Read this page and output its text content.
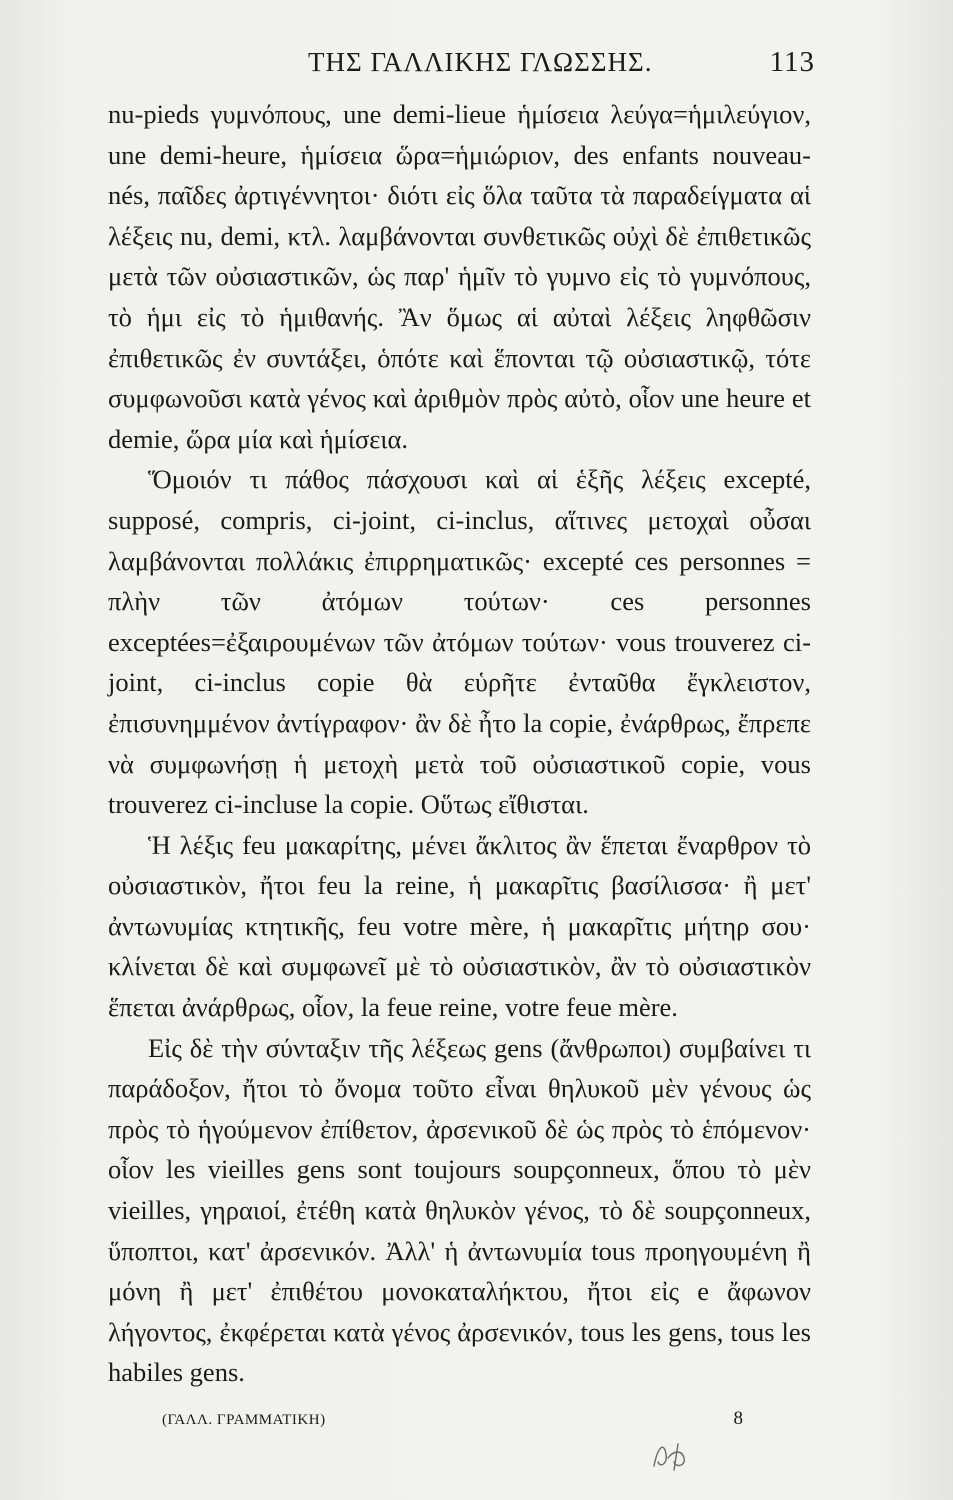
ΤΗΣ ΓΑΛΛΙΚΗΣ ΓΛΩΣΣΗΣ.	113

nu-pieds γυμνόπους, une demi-lieue ἡμίσεια λεύγα=ἡμιλεύγιον, une demi-heure, ἡμίσεια ὥρα=ἡμιώριον, des enfants nouveau-nés, παῖδες ἀρτιγέννητοι· διότι εἰς ὅλα ταῦτα τὰ παραδείγματα αἱ λέξεις nu, demi, κτλ. λαμβάνονται συνθετικῶς οὐχὶ δὲ ἐπιθετικῶς μετὰ τῶν οὐσιαστικῶν, ὡς παρ' ἡμῖν τὸ γυμνο εἰς τὸ γυμνόπους, τὸ ἡμι εἰς τὸ ἡμιθανής. Ἂν ὅμως αἱ αὐταὶ λέξεις ληφθῶσιν ἐπιθετικῶς ἐν συντάξει, ὁπότε καὶ ἕπονται τῷ οὐσιαστικῷ, τότε συμφωνοῦσι κατὰ γένος καὶ ἀριθμὸν πρὸς αὐτὸ, οἷον une heure et demie, ὥρα μία καὶ ἡμίσεια.

Ὅμοιόν τι πάθος πάσχουσι καὶ αἱ ἑξῆς λέξεις excepté, supposé, compris, ci-joint, ci-inclus, αἵτινες μετοχαὶ οὖσαι λαμβάνονται πολλάκις ἐπιρρηματικῶς· excepté ces personnes = πλὴν τῶν ἀτόμων τούτων· ces personnes exceptées=ἐξαιρουμένων τῶν ἀτόμων τούτων· vous trouverez ci-joint, ci-inclus copie θὰ εὑρῆτε ἐνταῦθα ἔγκλειστον, ἐπισυνημμένον ἀντίγραφον· ἂν δὲ ἦτο la copie, ἐνάρθρως, ἔπρεπε νὰ συμφωνήσῃ ἡ μετοχὴ μετὰ τοῦ οὐσιαστικοῦ copie, vous trouverez ci-incluse la copie. Οὕτως εἴθισται.

Ἡ λέξις feu μακαρίτης, μένει ἄκλιτος ἂν ἕπεται ἔναρθρον τὸ οὐσιαστικὸν, ἤτοι feu la reine, ἡ μακαρῖτις βασίλισσα· ἢ μετ' ἀντωνυμίας κτητικῆς, feu votre mère, ἡ μακαρῖτις μήτηρ σου· κλίνεται δὲ καὶ συμφωνεῖ μὲ τὸ οὐσιαστικὸν, ἂν τὸ οὐσιαστικὸν ἕπεται ἀνάρθρως, οἷον, la feue reine, votre feue mère.

Εἰς δὲ τὴν σύνταξιν τῆς λέξεως gens (ἄνθρωποι) συμβαίνει τι παράδοξον, ἤτοι τὸ ὄνομα τοῦτο εἶναι θηλυκοῦ μὲν γένους ὡς πρὸς τὸ ἡγούμενον ἐπίθετον, ἀρσενικοῦ δὲ ὡς πρὸς τὸ ἑπόμενον· οἷον les vieilles gens sont toujours soupçonneux, ὅπου τὸ μὲν vieilles, γηραιοί, ἐτέθη κατὰ θηλυκὸν γένος, τὸ δὲ soupçonneux, ὕποπτοι, κατ' ἀρσενικόν. Ἀλλ' ἡ ἀντωνυμία tous προηγουμένη ἢ μόνη ἢ μετ' ἐπιθέτου μονοκαταλήκτου, ἤτοι εἰς e ἄφωνον λήγοντος, ἐκφέρεται κατὰ γένος ἀρσενικόν, tous les gens, tous les habiles gens.

(ΓΑΛΛ. ΓΡΑΜΜΑΤΙΚΗ)	8
